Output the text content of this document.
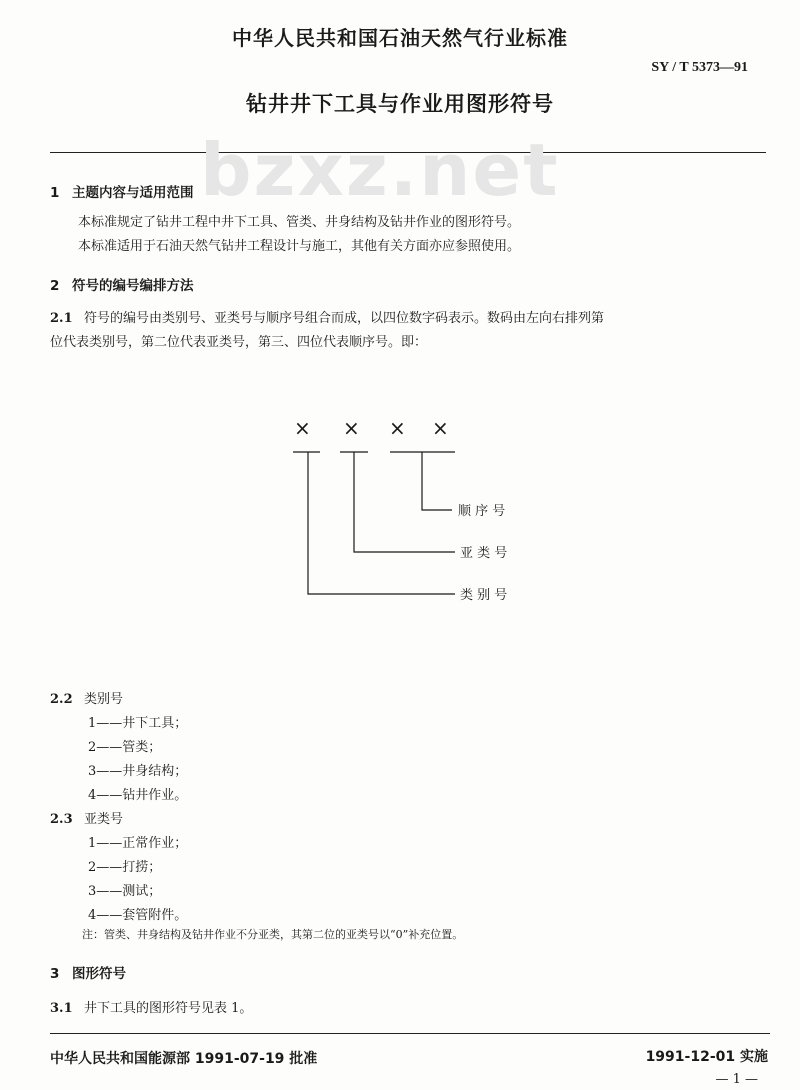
中华人民共和国石油天然气行业标准
SY / T 5373—91
钻井井下工具与作业用图形符号
bzxz.net
1 主题内容与适用范围
本标准规定了钻井工程中井下工具、管类、井身结构及钻井作业的图形符号。
本标准适用于石油天然气钻井工程设计与施工，其他有关方面亦应参照使用。
2 符号的编号编排方法
2.1 符号的编号由类别号、亚类号与顺序号组合而成，以四位数字码表示。数码由左向右排列第
位代表类别号，第二位代表亚类号，第三、四位代表顺序号。即：
× × × ×
顺 序 号
亚 类 号
类 别 号
2.2 类别号
1——井下工具；
2——管类；
3——井身结构；
4——钻井作业。
2.3 亚类号
1——正常作业；
2——打捞；
3——测试；
4——套管附件。
注：管类、井身结构及钻井作业不分亚类，其第二位的亚类号以“0”补充位置。
3 图形符号
3.1 井下工具的图形符号见表 1。
中华人民共和国能源部 1991-07-19 批准	1991-12-01 实施
— 1 —
